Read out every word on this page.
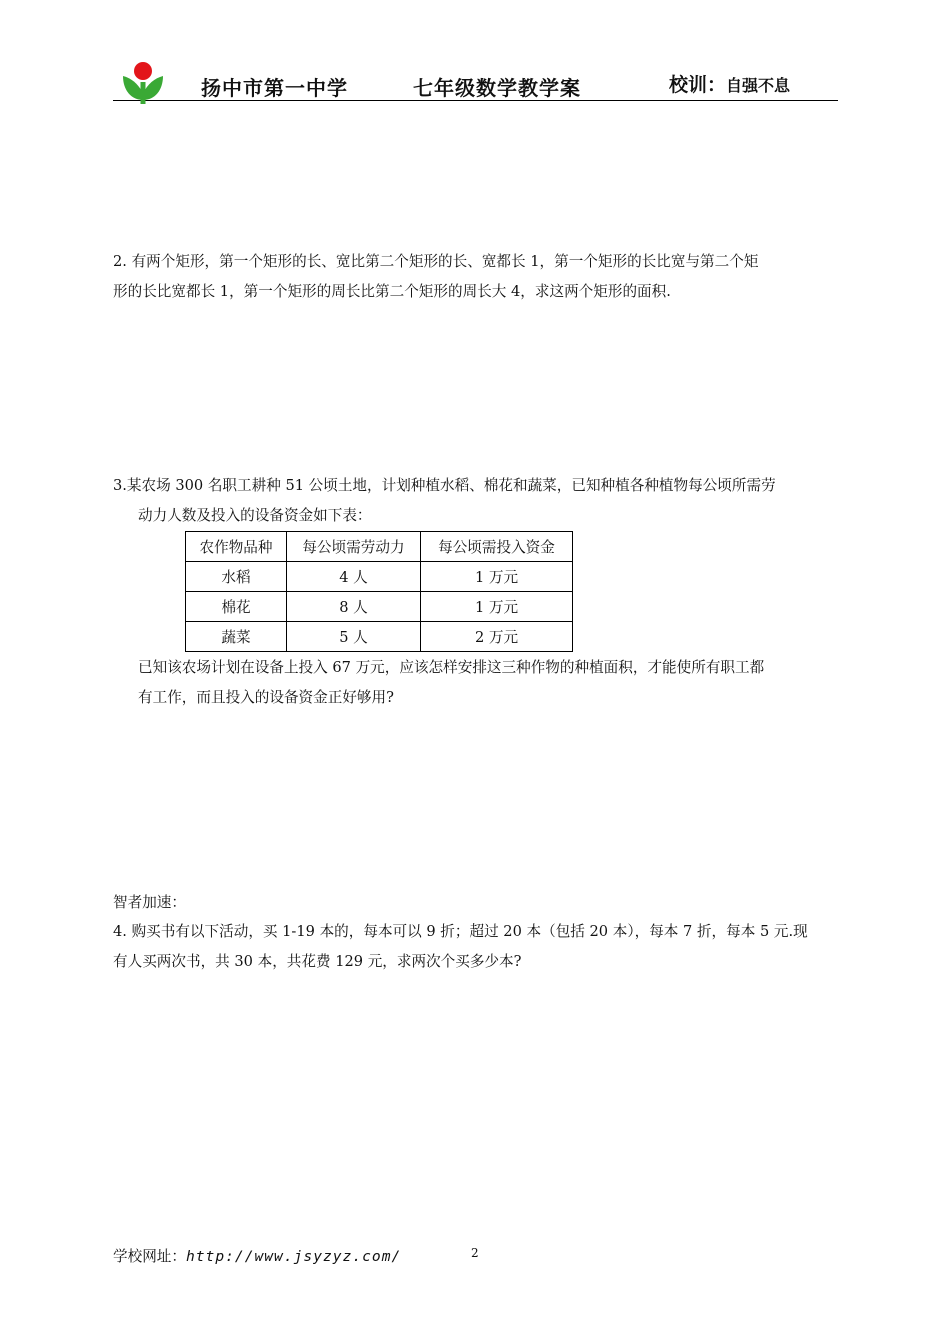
扬中市第一中学	七年级数学教学案	校训：自强不息
2. 有两个矩形，第一个矩形的长、宽比第二个矩形的长、宽都长 1，第一个矩形的长比宽与第二个矩
形的长比宽都长 1，第一个矩形的周长比第二个矩形的周长大 4，求这两个矩形的面积.
3.某农场 300 名职工耕种 51 公顷土地，计划种植水稻、棉花和蔬菜，已知种植各种植物每公顷所需劳
动力人数及投入的设备资金如下表：
农作物品种	每公顷需劳动力	每公顷需投入资金
水稻	4 人	1 万元
棉花	8 人	1 万元
蔬菜	5 人	2 万元
已知该农场计划在设备上投入 67 万元，应该怎样安排这三种作物的种植面积，才能使所有职工都
有工作，而且投入的设备资金正好够用?
智者加速：
4. 购买书有以下活动，买 1-19 本的，每本可以 9 折；超过 20 本（包括 20 本），每本 7 折，每本 5 元.现
有人买两次书，共 30 本，共花费 129 元，求两次个买多少本?
学校网址：http://www.jsyzyz.com/	2
